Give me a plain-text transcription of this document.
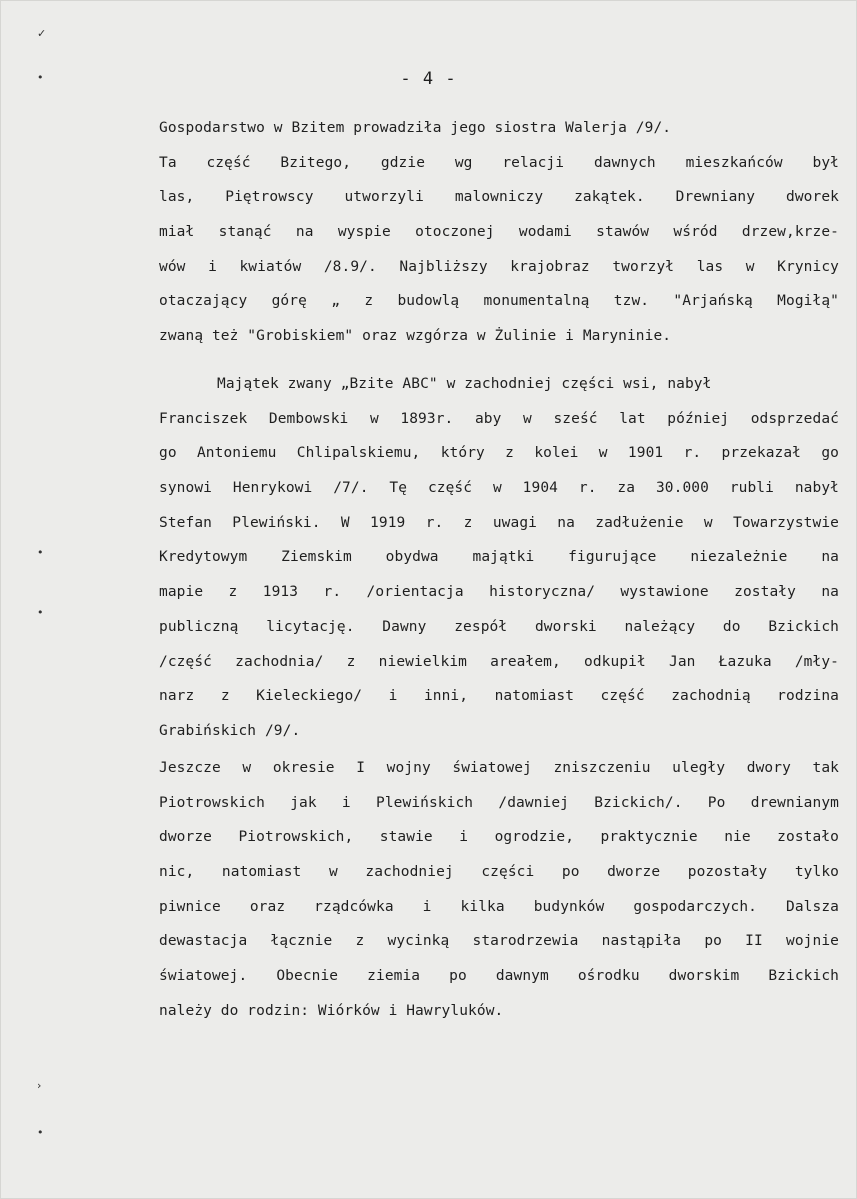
✓
•
•
•
›
•
- 4 -
Gospodarstwo w Bzitem prowadziła jego siostra Walerja /9/.
Ta część Bzitego, gdzie wg relacji dawnych mieszkańców był
las, Piętrowscy utworzyli malowniczy zakątek. Drewniany dworek
miał stanąć na wyspie otoczonej wodami stawów wśród drzew,krze-
wów i kwiatów /8.9/. Najbliższy krajobraz tworzył las w Krynicy
otaczający górę „ z budowlą monumentalną tzw. "Arjańską Mogiłą"
zwaną też "Grobiskiem" oraz wzgórza w Żulinie i Maryninie.
Majątek zwany „Bzite ABC" w zachodniej części wsi, nabył
Franciszek Dembowski w 1893r. aby w sześć lat później odsprzedać
go Antoniemu Chlipalskiemu, który z kolei w 1901 r. przekazał go
synowi Henrykowi /7/. Tę część w 1904 r. za 30.000 rubli nabył
Stefan Plewiński. W 1919 r. z uwagi na zadłużenie w Towarzystwie
Kredytowym Ziemskim obydwa majątki figurujące niezależnie na
mapie z 1913 r. /orientacja historyczna/ wystawione zostały na
publiczną licytację. Dawny zespół dworski należący do Bzickich
/część zachodnia/ z niewielkim areałem, odkupił Jan Łazuka /mły-
narz z Kieleckiego/ i inni, natomiast część zachodnią rodzina
Grabińskich /9/.
Jeszcze w okresie I wojny światowej zniszczeniu uległy dwory tak
Piotrowskich jak i Plewińskich /dawniej Bzickich/. Po drewnianym
dworze Piotrowskich, stawie i ogrodzie, praktycznie nie zostało
nic, natomiast w zachodniej części po dworze pozostały tylko
piwnice oraz rządcówka i kilka budynków gospodarczych. Dalsza
dewastacja łącznie z wycinką starodrzewia nastąpiła po II wojnie
światowej. Obecnie ziemia po dawnym ośrodku dworskim Bzickich
należy do rodzin: Wiórków i Hawryluków.
